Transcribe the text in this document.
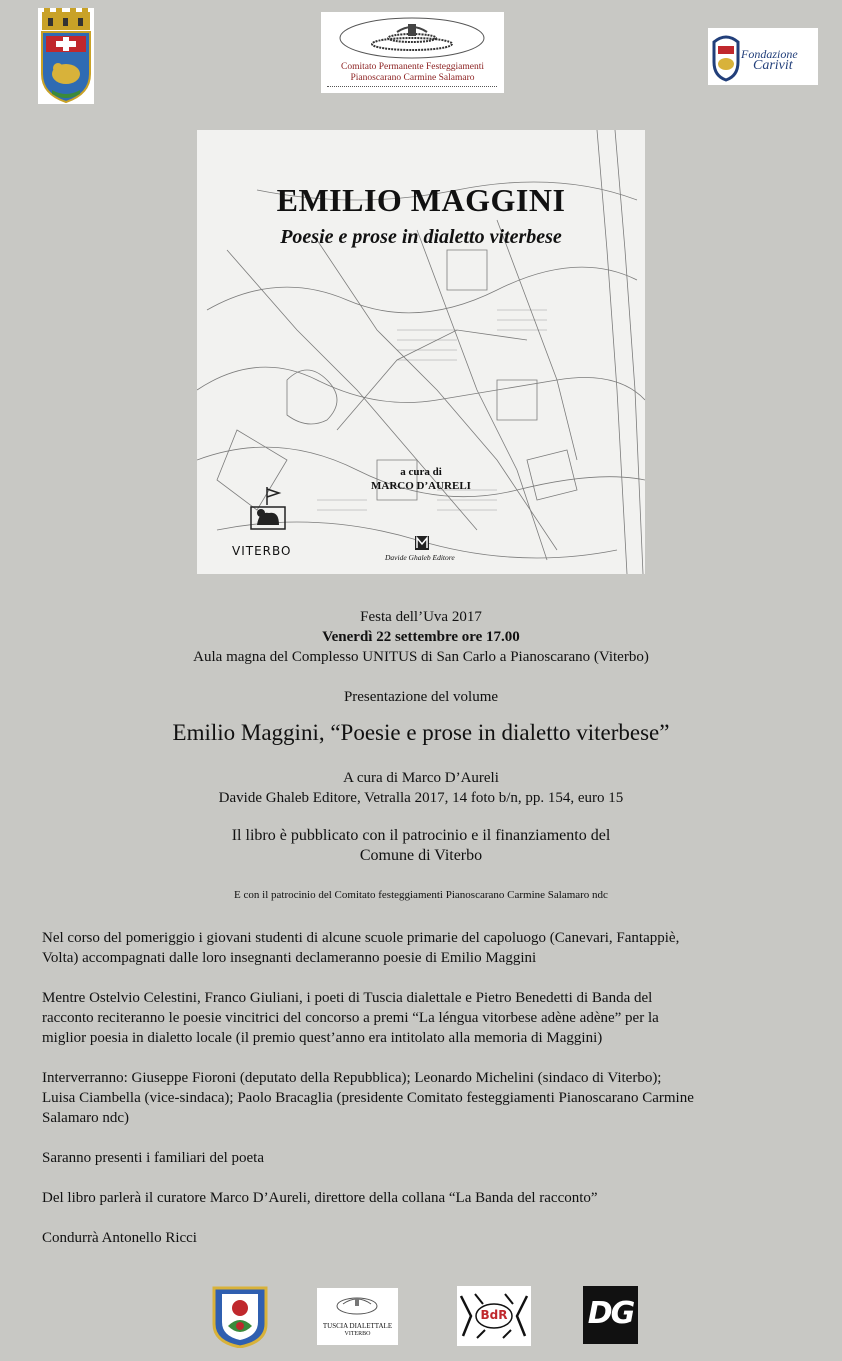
Comitato Permanente Festeggiamenti
Pianoscarano Carmine Salamaro
Fondazione
Carivit
EMILIO MAGGINI
Poesie e prose in dialetto viterbese
a cura di
MARCO D’AURELI
VITERBO	Davide Ghaleb Editore
Festa dell’Uva 2017
Venerdì 22 settembre ore 17.00
Aula magna del Complesso UNITUS di San Carlo a Pianoscarano (Viterbo)
Presentazione del volume
Emilio Maggini, “Poesie e prose in dialetto viterbese”
A cura di Marco D’Aureli
Davide Ghaleb Editore, Vetralla 2017, 14 foto b/n, pp. 154, euro 15
Il libro è pubblicato con il patrocinio e il finanziamento del
Comune di Viterbo
E con il patrocinio del Comitato festeggiamenti Pianoscarano Carmine Salamaro ndc
Nel corso del pomeriggio i giovani studenti di alcune scuole primarie del capoluogo (Canevari, Fantappiè,
Volta) accompagnati dalle loro insegnanti declameranno poesie di Emilio Maggini
Mentre Ostelvio Celestini, Franco Giuliani, i poeti di Tuscia dialettale e Pietro Benedetti di Banda del
racconto reciteranno le poesie vincitrici del concorso a premi “La léngua vitorbese adène adène” per la
miglior poesia in dialetto locale (il premio quest’anno era intitolato alla memoria di Maggini)
Interverranno: Giuseppe Fioroni (deputato della Repubblica); Leonardo Michelini (sindaco di Viterbo);
Luisa Ciambella (vice-sindaca); Paolo Bracaglia (presidente Comitato festeggiamenti Pianoscarano Carmine
Salamaro ndc)
Saranno presenti i familiari del poeta
Del libro parlerà il curatore Marco D’Aureli, direttore della collana “La Banda del racconto”
Condurrà Antonello Ricci
TUSCIA DIALETTALE
VITERBO
BdR	DG
